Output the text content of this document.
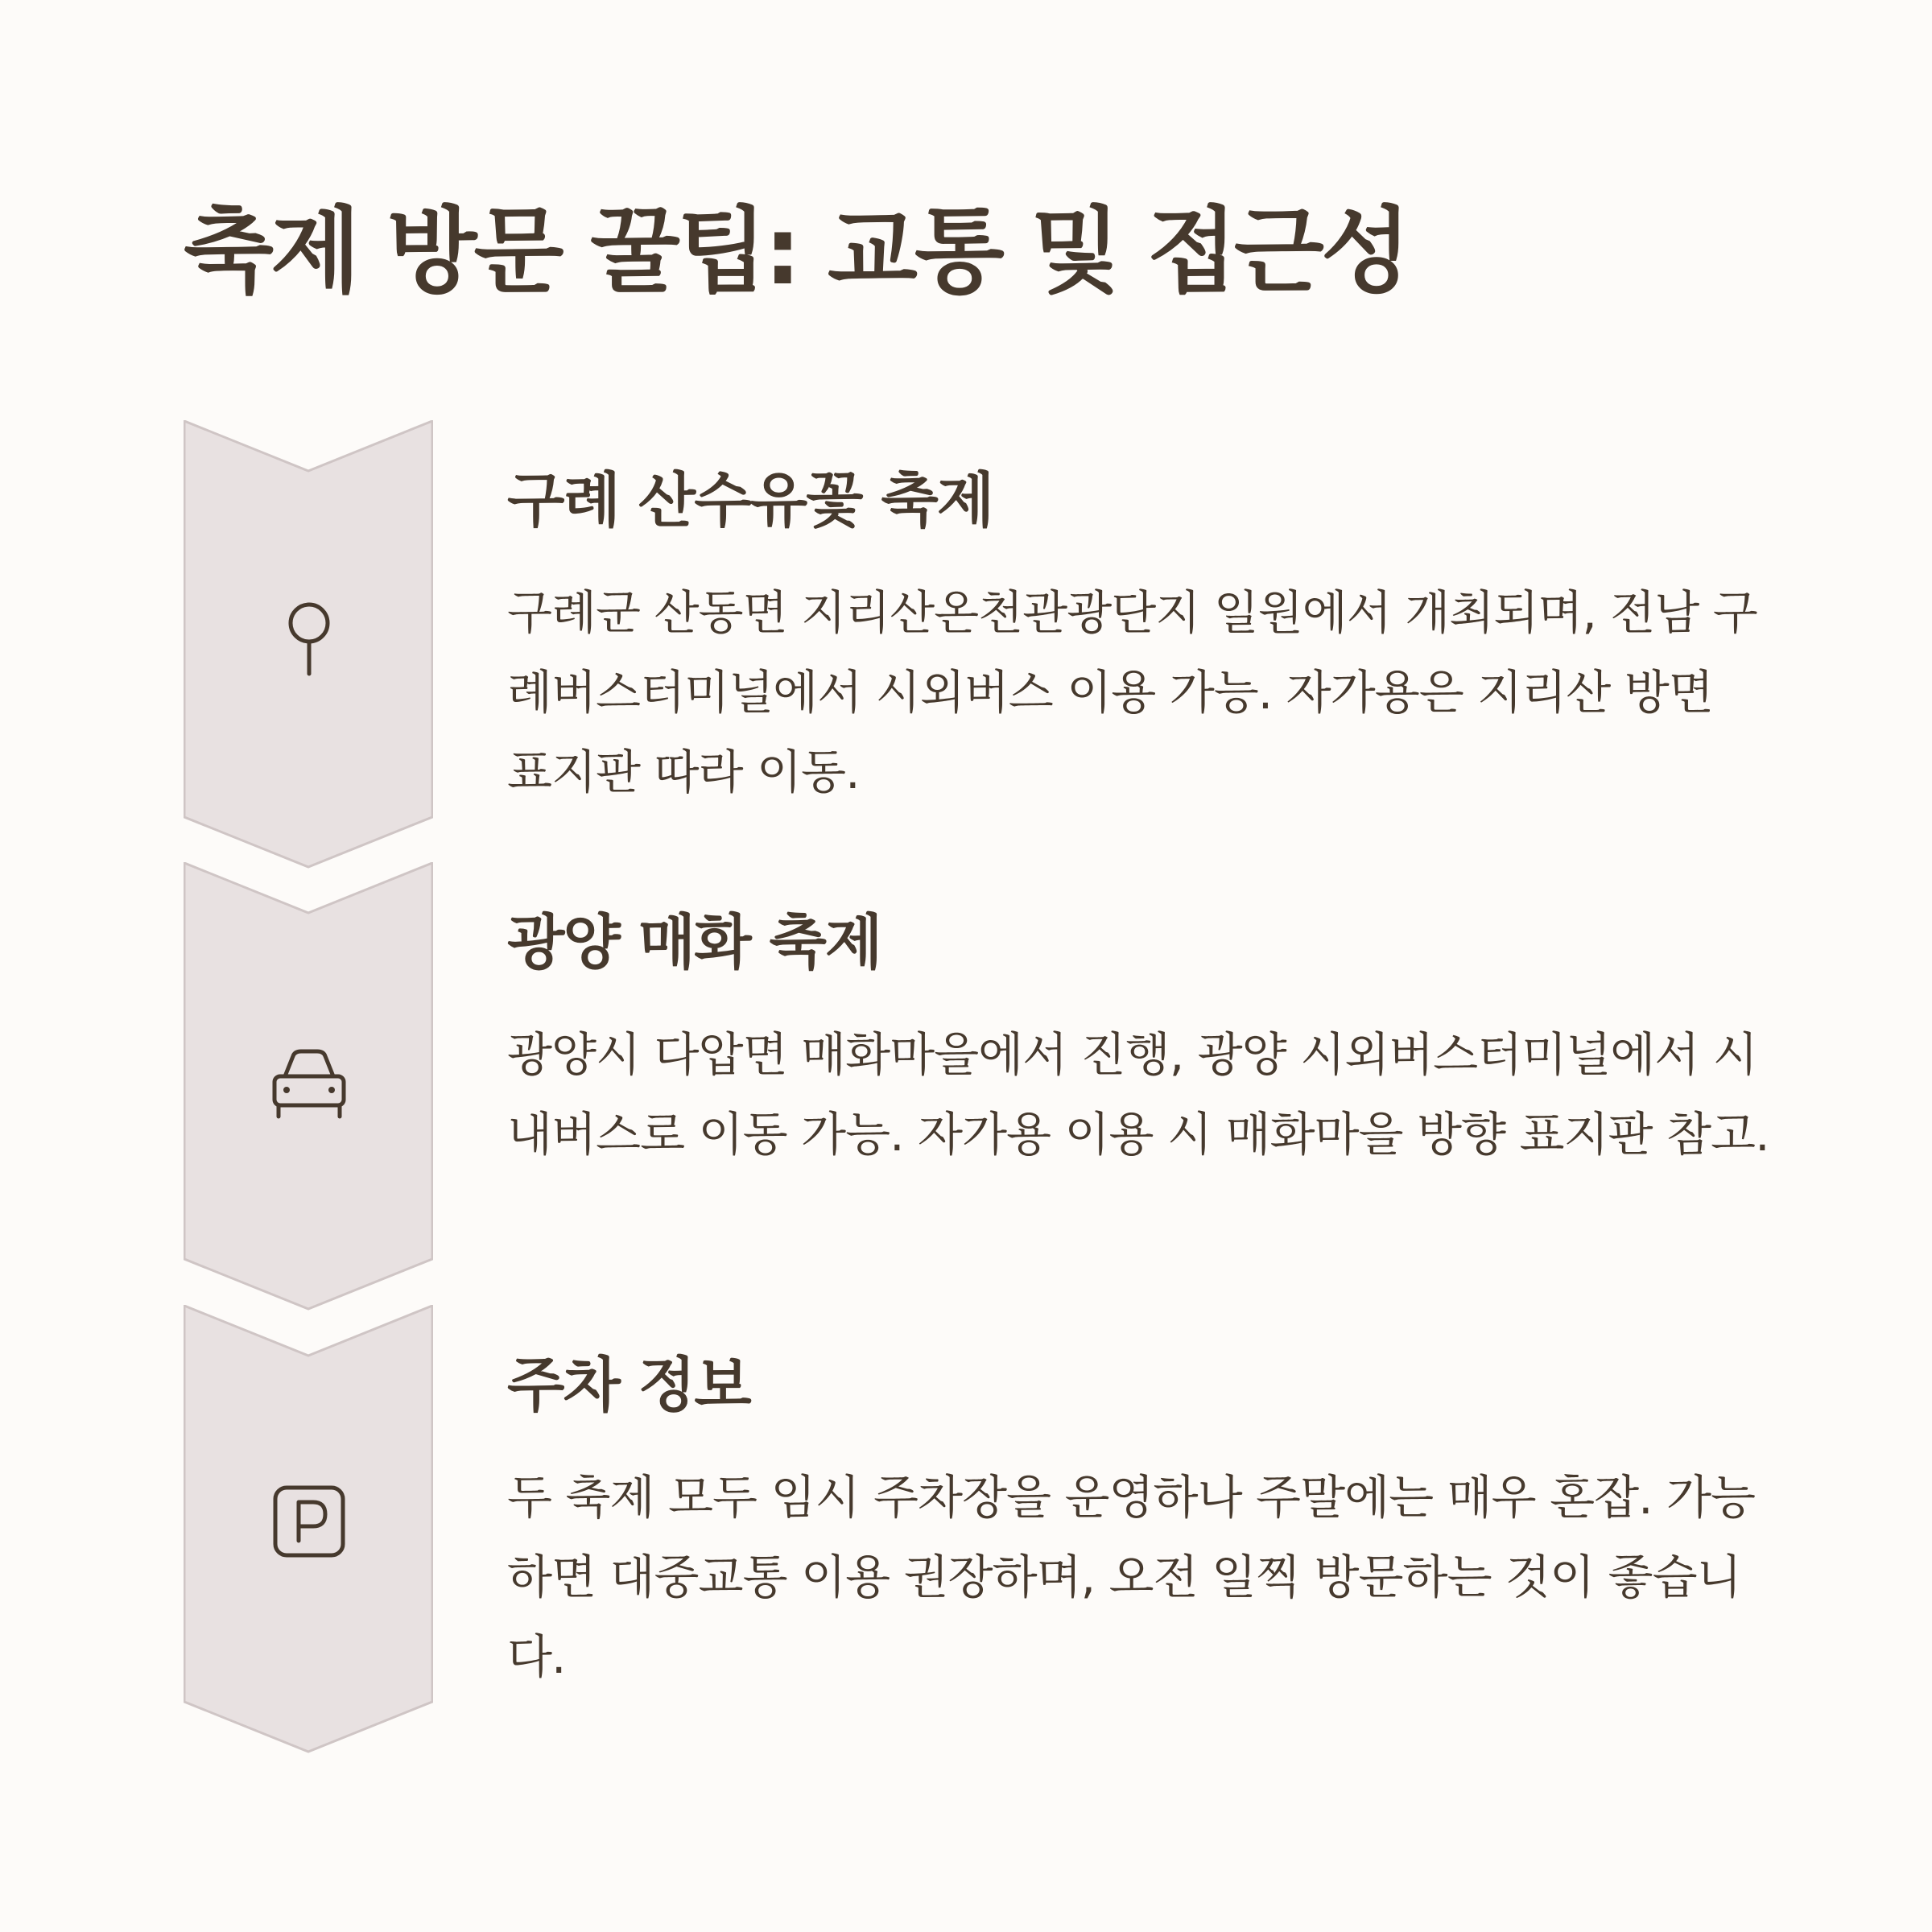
축제 방문 꿀팁: 교통 및 접근성
구례 산수유꽃 축제

구례군 산동면 지리산온천관광단지 일원에서 개최되며, 전남 구례버스터미널에서 시외버스 이용 가능. 자가용은 지리산 방면 표지판 따라 이동.

광양 매화 축제

광양시 다압면 매화마을에서 진행, 광양 시외버스터미널에서 시내버스로 이동 가능. 자가용 이용 시 매화마을 방향 표지판 참고.

주차 정보

두 축제 모두 임시 주차장을 운영하나 주말에는 매우 혼잡. 가능하면 대중교통 이용 권장하며, 오전 일찍 방문하는 것이 좋습니다.
